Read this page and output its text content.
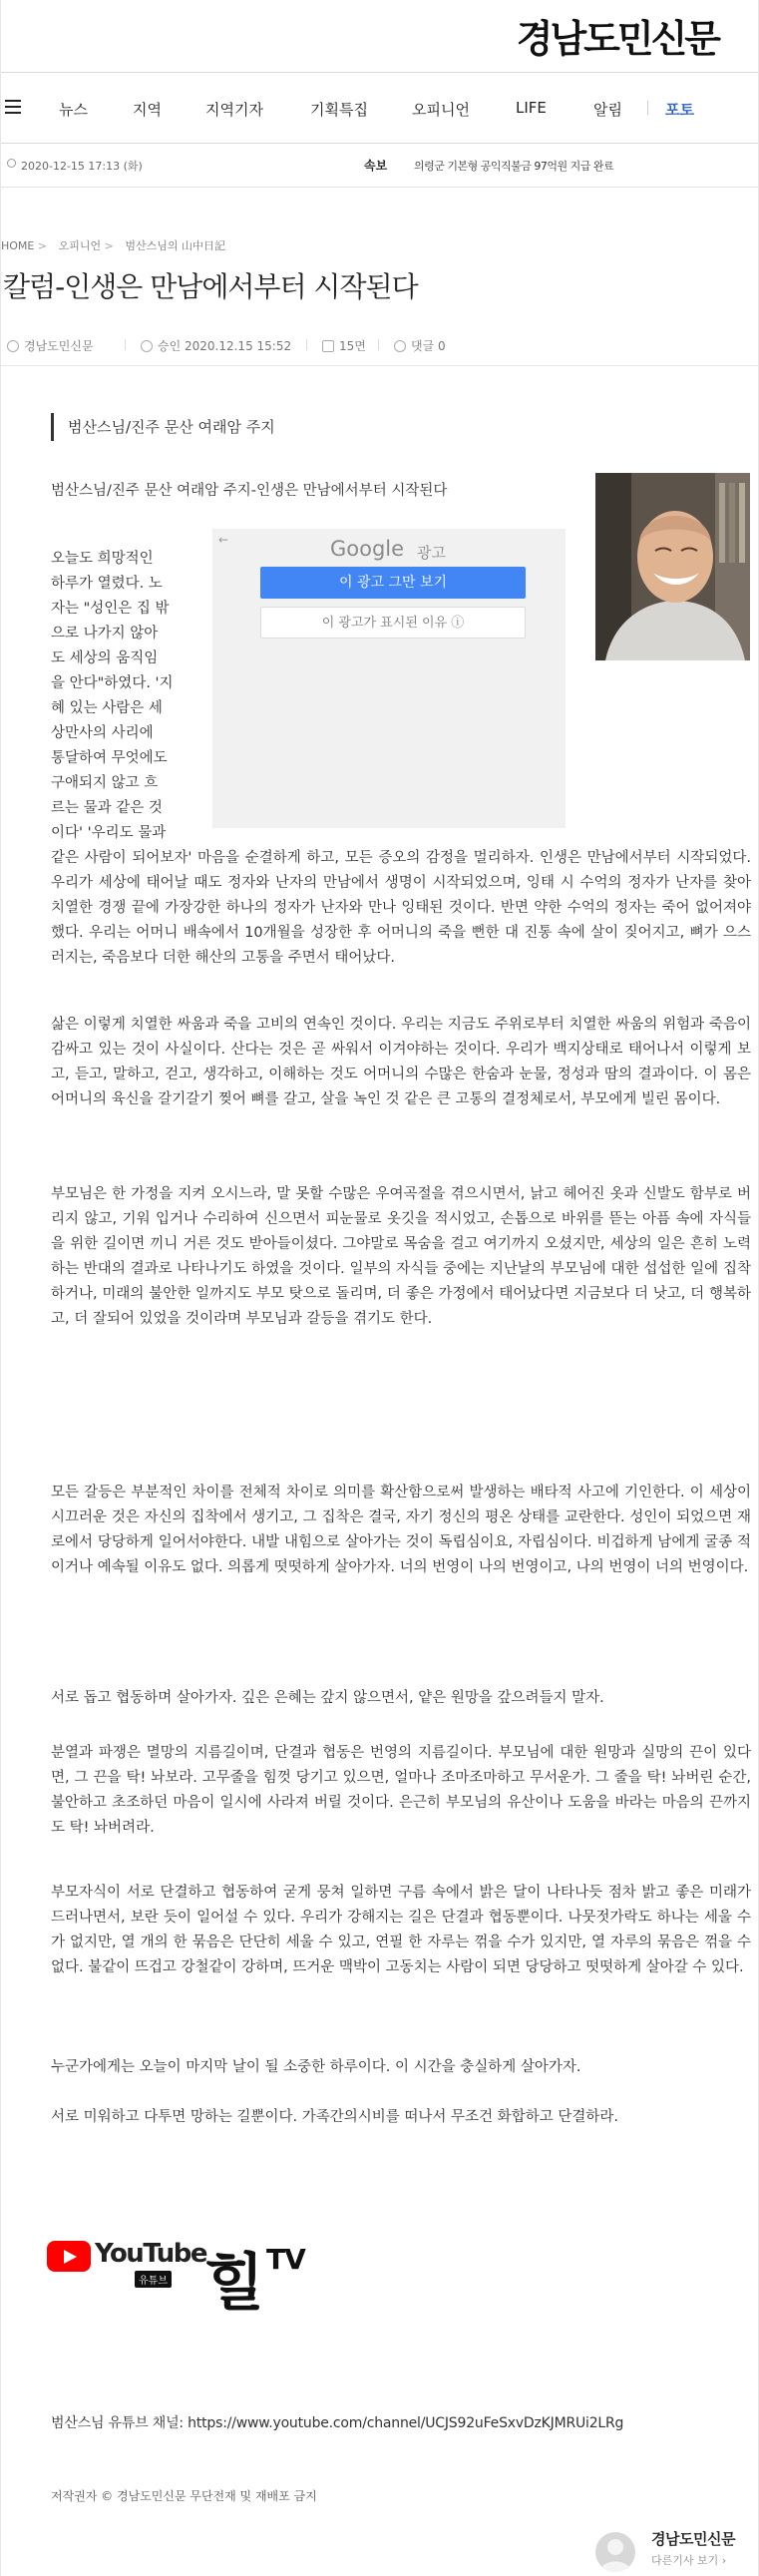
경남도민신문
뉴스	지역	지역기자	기획특집	오피니언	LIFE	알림	포토
2020-12-15 17:13 (화)	속보 의령군 기본형 공익직불금 97억원 지급 완료
HOME > 오피니언 > 범산스님의 山中日記
칼럼-인생은 만남에서부터 시작된다
경남도민신문	승인 2020.12.15 15:52	15면	댓글 0
범산스님/진주 문산 여래암 주지

범산스님/진주 문산 여래암 주지-인생은 만남에서부터 시작된다

←	Google 광고
이 광고 그만 보기
이 광고가 표시된 이유 ⓘ
오늘도 희망적인
하루가 열렸다. 노
자는 "성인은 집 밖
으로 나가지 않아
도 세상의 움직임
을 안다"하였다. '지
혜 있는 사람은 세
상만사의 사리에
통달하여 무엇에도
구애되지 않고 흐
르는 물과 같은 것
이다' '우리도 물과

같은 사람이 되어보자' 마음을 순결하게 하고, 모든 증오의 감정을 멀리하자. 인생은 만남에서부터 시작되었다. 우리가 세상에 태어날 때도 정자와 난자의 만남에서 생명이 시작되었으며, 잉태 시 수억의 정자가 난자를 찾아 치열한 경쟁 끝에 가장강한 하나의 정자가 난자와 만나 잉태된 것이다. 반면 약한 수억의 정자는 죽어 없어져야했다. 우리는 어머니 배속에서 10개월을 성장한 후 어머니의 죽을 뻔한 대 진통 속에 살이 짖어지고, 뼈가 으스러지는, 죽음보다 더한 해산의 고통을 주면서 태어났다.

삶은 이렇게 치열한 싸움과 죽을 고비의 연속인 것이다. 우리는 지금도 주위로부터 치열한 싸움의 위험과 죽음이 감싸고 있는 것이 사실이다. 산다는 것은 곧 싸워서 이겨야하는 것이다. 우리가 백지상태로 태어나서 이렇게 보고, 듣고, 말하고, 걷고, 생각하고, 이해하는 것도 어머니의 수많은 한숨과 눈물, 정성과 땀의 결과이다. 이 몸은 어머니의 육신을 갈기갈기 찢어 뼈를 갈고, 살을 녹인 것 같은 큰 고통의 결정체로서, 부모에게 빌린 몸이다.

부모님은 한 가정을 지켜 오시느라, 말 못할 수많은 우여곡절을 겪으시면서, 낡고 헤어진 옷과 신발도 함부로 버리지 않고, 기워 입거나 수리하여 신으면서 피눈물로 옷깃을 적시었고, 손톱으로 바위를 뜯는 아픔 속에 자식들을 위한 길이면 끼니 거른 것도 받아들이셨다. 그야말로 목숨을 걸고 여기까지 오셨지만, 세상의 일은 흔히 노력하는 반대의 결과로 나타나기도 하였을 것이다. 일부의 자식들 중에는 지난날의 부모님에 대한 섭섭한 일에 집착하거나, 미래의 불안한 일까지도 부모 탓으로 돌리며, 더 좋은 가정에서 태어났다면 지금보다 더 낫고, 더 행복하고, 더 잘되어 있었을 것이라며 부모님과 갈등을 겪기도 한다.

모든 갈등은 부분적인 차이를 전체적 차이로 의미를 확산함으로써 발생하는 배타적 사고에 기인한다. 이 세상이 시끄러운 것은 자신의 집착에서 생기고, 그 집착은 결국, 자기 정신의 평온 상태를 교란한다. 성인이 되었으면 재로에서 당당하게 일어서야한다. 내발 내힘으로 살아가는 것이 독립심이요, 자립심이다. 비겁하게 남에게 굴종 적이거나 예속될 이유도 없다. 의롭게 떳떳하게 살아가자. 너의 번영이 나의 번영이고, 나의 번영이 너의 번영이다.

서로 돕고 협동하며 살아가자. 깊은 은혜는 갚지 않으면서, 얕은 원망을 갚으려들지 말자.

분열과 파쟁은 멸망의 지름길이며, 단결과 협동은 번영의 지름길이다. 부모님에 대한 원망과 실망의 끈이 있다면, 그 끈을 탁! 놔보라. 고무줄을 힘껏 당기고 있으면, 얼마나 조마조마하고 무서운가. 그 줄을 탁! 놔버린 순간, 불안하고 초조하던 마음이 일시에 사라져 버릴 것이다. 은근히 부모님의 유산이나 도움을 바라는 마음의 끈까지도 탁! 놔버려라.

부모자식이 서로 단결하고 협동하여 굳게 뭉쳐 일하면 구름 속에서 밝은 달이 나타나듯 점차 밝고 좋은 미래가 드러나면서, 보란 듯이 일어설 수 있다. 우리가 강해지는 길은 단결과 협동뿐이다. 나뭇젓가락도 하나는 세울 수가 없지만, 열 개의 한 묶음은 단단히 세울 수 있고, 연필 한 자루는 꺾을 수가 있지만, 열 자루의 묶음은 꺾을 수 없다. 불같이 뜨겁고 강철같이 강하며, 뜨거운 맥박이 고동치는 사람이 되면 당당하고 떳떳하게 살아갈 수 있다.

누군가에게는 오늘이 마지막 날이 될 소중한 하루이다. 이 시간을 충실하게 살아가자.

서로 미워하고 다투면 망하는 길뿐이다. 가족간의시비를 떠나서 무조건 화합하고 단결하라.

YouTube
유튜브 힐 TV

범산스님 유튜브 채널: https://www.youtube.com/channel/UCJS92uFeSxvDzKJMRUi2LRg

저작권자 © 경남도민신문 무단전재 및 재배포 금지

경남도민신문
다른기사 보기 ›
